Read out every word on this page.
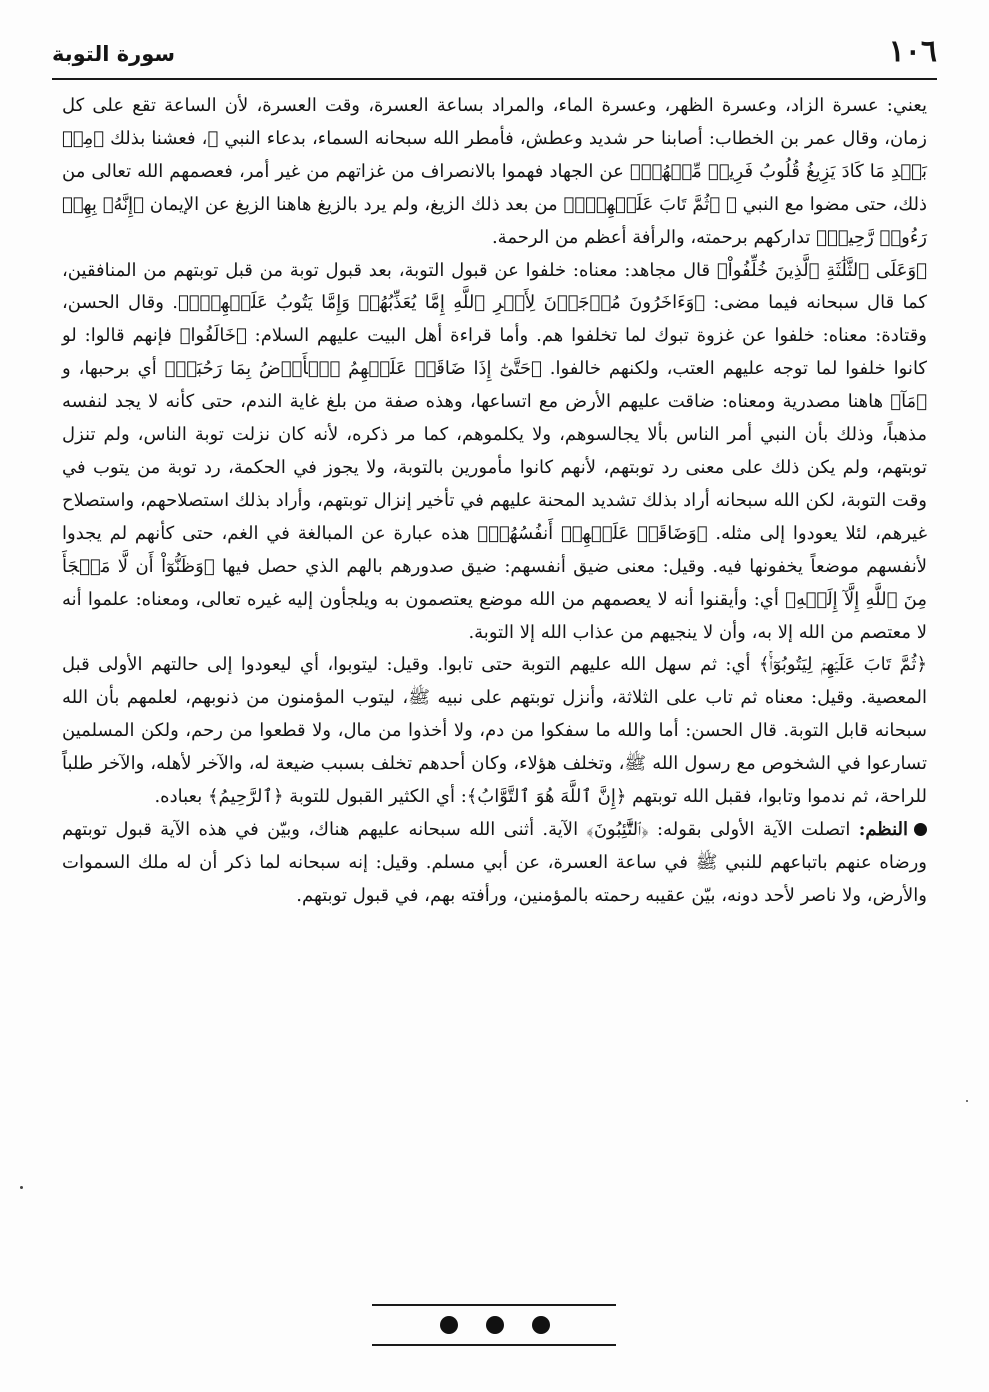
١٠٦
سورة التوبة

يعني: عسرة الزاد، وعسرة الظهر، وعسرة الماء، والمراد بساعة العسرة، وقت العسرة، لأن الساعة تقع على كل زمان، وقال عمر بن الخطاب: أصابنا حر شديد وعطش، فأمطر الله سبحانه السماء، بدعاء النبي ﷺ، فعشنا بذلك ﴿مِنۢ بَعۡدِ مَا كَادَ يَزِيغُ قُلُوبُ فَرِيقٖ مِّنۡهُمۡ﴾ عن الجهاد فهموا بالانصراف من غزاتهم من غير أمر، فعصمهم الله تعالى من ذلك، حتى مضوا مع النبي ﷺ ﴿ثُمَّ تَابَ عَلَيۡهِمۡۚ﴾ من بعد ذلك الزيغ، ولم يرد بالزيغ هاهنا الزيغ عن الإيمان ﴿إِنَّهُۥ بِهِمۡ رَءُوفٞ رَّحِيمٞ﴾ تداركهم برحمته، والرأفة أعظم من الرحمة.

﴿وَعَلَى ٱلثَّلَٰثَةِ ٱلَّذِينَ خُلِّفُواْ﴾ قال مجاهد: معناه: خلفوا عن قبول التوبة، بعد قبول توبة من قبل توبتهم من المنافقين، كما قال سبحانه فيما مضى: ﴿وَءَاخَرُونَ مُرۡجَوۡنَ لِأَمۡرِ ٱللَّهِ إِمَّا يُعَذِّبُهُمۡ وَإِمَّا يَتُوبُ عَلَيۡهِمۡۗ﴾. وقال الحسن، وقتادة: معناه: خلفوا عن غزوة تبوك لما تخلفوا هم. وأما قراءة أهل البيت عليهم السلام: ﴿خَالَفُوا﴾ فإنهم قالوا: لو كانوا خلفوا لما توجه عليهم العتب، ولكنهم خالفوا. ﴿حَتَّىٰٓ إِذَا ضَاقَتۡ عَلَيۡهِمُ ٱلۡأَرۡضُ بِمَا رَحُبَتۡ﴾ أي برحبها، و ﴿مَآ﴾ هاهنا مصدرية ومعناه: ضاقت عليهم الأرض مع اتساعها، وهذه صفة من بلغ غاية الندم، حتى كأنه لا يجد لنفسه مذهباً، وذلك بأن النبي أمر الناس بألا يجالسوهم، ولا يكلموهم، كما مر ذكره، لأنه كان نزلت توبة الناس، ولم تنزل توبتهم، ولم يكن ذلك على معنى رد توبتهم، لأنهم كانوا مأمورين بالتوبة، ولا يجوز في الحكمة، رد توبة من يتوب في وقت التوبة، لكن الله سبحانه أراد بذلك تشديد المحنة عليهم في تأخير إنزال توبتهم، وأراد بذلك استصلاحهم، واستصلاح غيرهم، لئلا يعودوا إلى مثله. ﴿وَضَاقَتۡ عَلَيۡهِمۡ أَنفُسُهُمۡ﴾ هذه عبارة عن المبالغة في الغم، حتى كأنهم لم يجدوا لأنفسهم موضعاً يخفونها فيه. وقيل: معنى ضيق أنفسهم: ضيق صدورهم بالهم الذي حصل فيها ﴿وَظَنُّوٓاْ أَن لَّا مَلۡجَأَ مِنَ ٱللَّهِ إِلَّآ إِلَيۡهِ﴾ أي: وأيقنوا أنه لا يعصمهم من الله موضع يعتصمون به ويلجأون إليه غيره تعالى، ومعناه: علموا أنه لا معتصم من الله إلا به، وأن لا ينجيهم من عذاب الله إلا التوبة.

﴿ثُمَّ تَابَ عَلَيۡهِمۡ لِيَتُوبُوٓاْۚ﴾ أي: ثم سهل الله عليهم التوبة حتى تابوا. وقيل: ليتوبوا، أي ليعودوا إلى حالتهم الأولى قبل المعصية. وقيل: معناه ثم تاب على الثلاثة، وأنزل توبتهم على نبيه ﷺ، ليتوب المؤمنون من ذنوبهم، لعلمهم بأن الله سبحانه قابل التوبة. قال الحسن: أما والله ما سفكوا من دم، ولا أخذوا من مال، ولا قطعوا من رحم، ولكن المسلمين تسارعوا في الشخوص مع رسول الله ﷺ، وتخلف هؤلاء، وكان أحدهم تخلف بسبب ضيعة له، والآخر لأهله، والآخر طلباً للراحة، ثم ندموا وتابوا، فقبل الله توبتهم ﴿إِنَّ ٱللَّهَ هُوَ ٱلتَّوَّابُ﴾: أي الكثير القبول للتوبة ﴿ٱلرَّحِيمُ﴾ بعباده.

النظم: اتصلت الآية الأولى بقوله: ﴿ٱلتَّٰٓئِبُونَ﴾ الآية. أثنى الله سبحانه عليهم هناك، وبيّن في هذه الآية قبول توبتهم ورضاه عنهم باتباعهم للنبي ﷺ في ساعة العسرة، عن أبي مسلم. وقيل: إنه سبحانه لما ذكر أن له ملك السموات والأرض، ولا ناصر لأحد دونه، بيّن عقيبه رحمته بالمؤمنين، ورأفته بهم، في قبول توبتهم.
